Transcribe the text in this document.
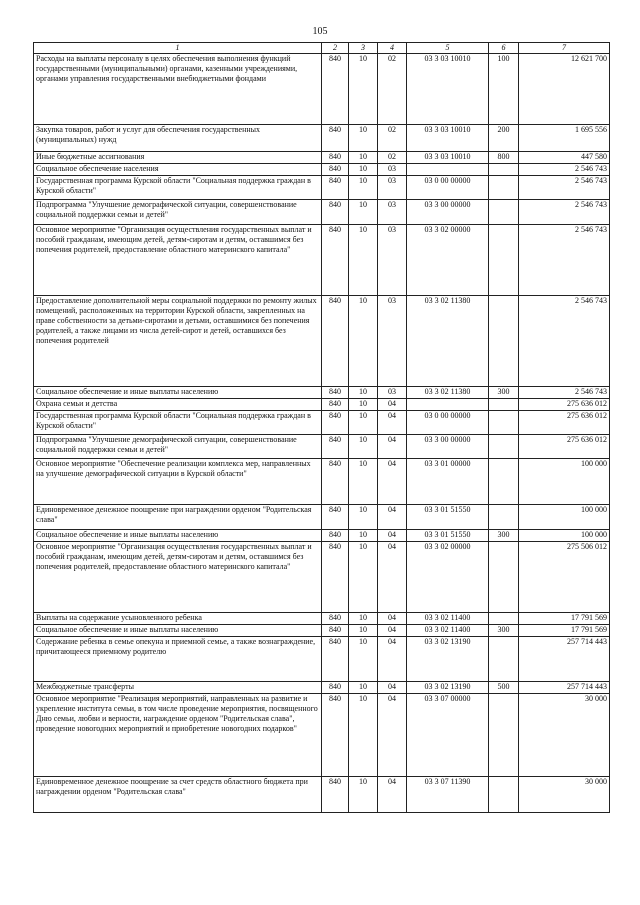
105
1	2	3	4	5	6	7
Расходы на выплаты персоналу в целях обеспечения выполнения функций государственными (муниципальными) органами, казенными учреждениями, органами управления государственными внебюджетными фондами	840	10	02	03 3 03 10010	100	12 621 700
Закупка товаров, работ и услуг для обеспечения государственных (муниципальных) нужд	840	10	02	03 3 03 10010	200	1 695 556
Иные бюджетные ассигнования	840	10	02	03 3 03 10010	800	447 580
Социальное обеспечение населения	840	10	03			2 546 743
Государственная программа Курской области "Социальная поддержка граждан в Курской области"	840	10	03	03 0 00 00000		2 546 743
Подпрограмма "Улучшение демографической ситуации, совершенствование социальной поддержки семьи и детей"	840	10	03	03 3 00 00000		2 546 743
Основное мероприятие "Организация осуществления государственных выплат и пособий гражданам, имеющим детей, детям-сиротам и детям, оставшимся без попечения родителей, предоставление областного материнского капитала"	840	10	03	03 3 02 00000		2 546 743
Предоставление дополнительной меры социальной поддержки по ремонту жилых помещений, расположенных на территории Курской области, закрепленных на праве собственности за детьми-сиротами и детьми, оставшимися без попечения родителей, а также лицами из числа детей-сирот и детей, оставшихся без попечения родителей	840	10	03	03 3 02 11380		2 546 743
Социальное обеспечение и иные выплаты населению	840	10	03	03 3 02 11380	300	2 546 743
Охрана семьи и детства	840	10	04			275 636 012
Государственная программа Курской области "Социальная поддержка граждан в Курской области"	840	10	04	03 0 00 00000		275 636 012
Подпрограмма "Улучшение демографической ситуации, совершенствование социальной поддержки семьи и детей"	840	10	04	03 3 00 00000		275 636 012
Основное мероприятие "Обеспечение реализации комплекса мер, направленных на улучшение демографической ситуации в Курской области"	840	10	04	03 3 01 00000		100 000
Единовременное денежное поощрение при награждении орденом "Родительская слава"	840	10	04	03 3 01 51550		100 000
Социальное обеспечение и иные выплаты населению	840	10	04	03 3 01 51550	300	100 000
Основное мероприятие "Организация осуществления государственных выплат и пособий гражданам, имеющим детей, детям-сиротам и детям, оставшимся без попечения родителей, предоставление областного материнского капитала"	840	10	04	03 3 02 00000		275 506 012
Выплаты на содержание усыновленного ребенка	840	10	04	03 3 02 11400		17 791 569
Социальное обеспечение и иные выплаты населению	840	10	04	03 3 02 11400	300	17 791 569
Содержание ребенка в семье опекуна и приемной семье, а также вознаграждение, причитающееся приемному родителю	840	10	04	03 3 02 13190		257 714 443
Межбюджетные трансферты	840	10	04	03 3 02 13190	500	257 714 443
Основное мероприятие "Реализация мероприятий, направленных на развитие и укрепление института семьи, в том числе проведение мероприятия, посвященного Дню семьи, любви и верности, награждение орденом "Родительская слава", проведение новогодних мероприятий и приобретение новогодних подарков"	840	10	04	03 3 07 00000		30 000
Единовременное денежное поощрение за счет средств областного бюджета при награждении орденом "Родительская слава"	840	10	04	03 3 07 11390		30 000
